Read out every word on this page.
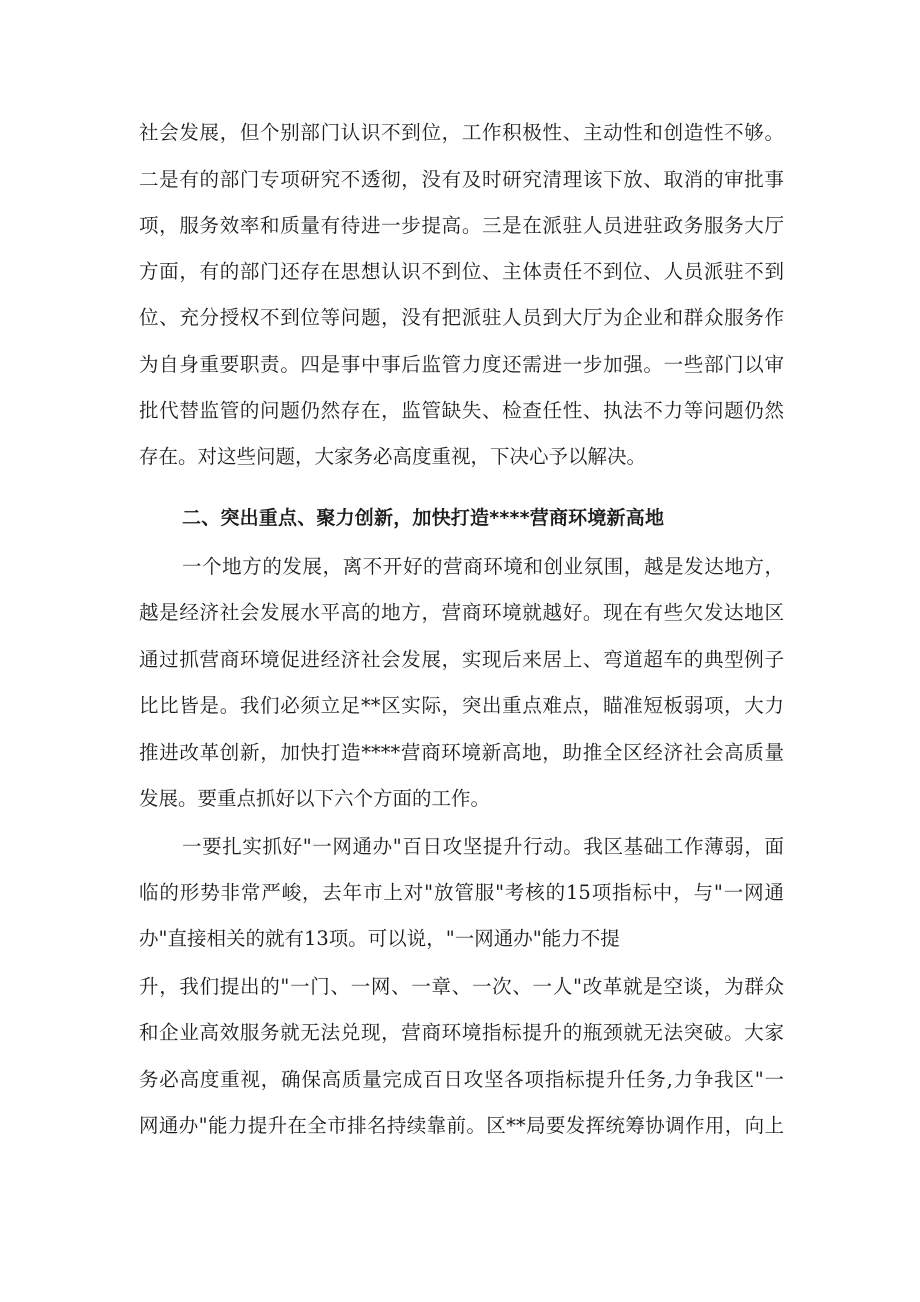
社会发展，但个别部门认识不到位，工作积极性、主动性和创造性不够。
二是有的部门专项研究不透彻，没有及时研究清理该下放、取消的审批事
项，服务效率和质量有待进一步提高。三是在派驻人员进驻政务服务大厅
方面，有的部门还存在思想认识不到位、主体责任不到位、人员派驻不到
位、充分授权不到位等问题，没有把派驻人员到大厅为企业和群众服务作
为自身重要职责。四是事中事后监管力度还需进一步加强。一些部门以审
批代替监管的问题仍然存在，监管缺失、检查任性、执法不力等问题仍然
存在。对这些问题，大家务必高度重视，下决心予以解决。
二、突出重点、聚力创新，加快打造****营商环境新高地
一个地方的发展，离不开好的营商环境和创业氛围，越是发达地方，
越是经济社会发展水平高的地方，营商环境就越好。现在有些欠发达地区
通过抓营商环境促进经济社会发展，实现后来居上、弯道超车的典型例子
比比皆是。我们必须立足**区实际，突出重点难点，瞄准短板弱项，大力
推进改革创新，加快打造****营商环境新高地，助推全区经济社会高质量
发展。要重点抓好以下六个方面的工作。
一要扎实抓好"一网通办"百日攻坚提升行动。我区基础工作薄弱，面
临的形势非常严峻，去年市上对"放管服"考核的15项指标中，与"一网通
办"直接相关的就有13项。可以说，"一网通办"能力不提
升，我们提出的"一门、一网、一章、一次、一人"改革就是空谈，为群众
和企业高效服务就无法兑现，营商环境指标提升的瓶颈就无法突破。大家
务必高度重视，确保高质量完成百日攻坚各项指标提升任务,力争我区"一
网通办"能力提升在全市排名持续靠前。区**局要发挥统筹协调作用，向上
